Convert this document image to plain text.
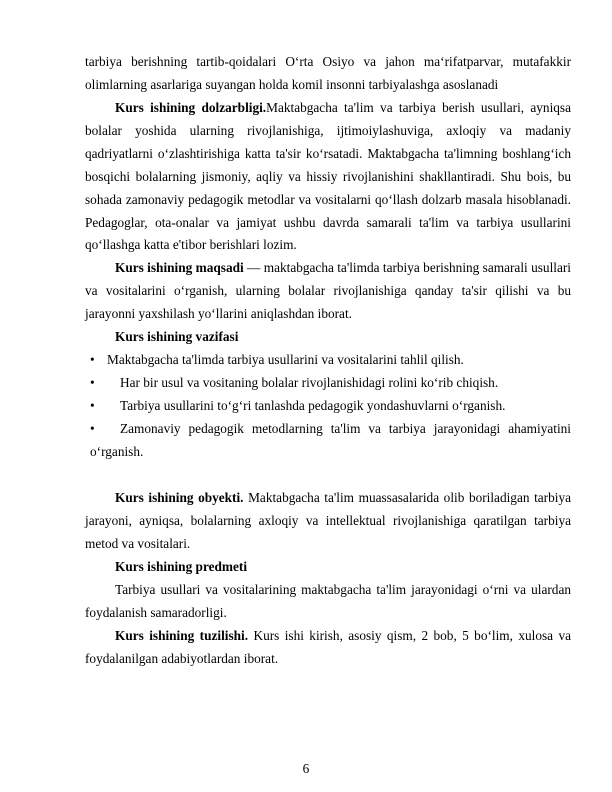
tarbiya berishning tartib-qoidalari O‘rta Osiyo va jahon ma‘rifatparvar, mutafakkir olimlarning asarlariga suyangan holda komil insonni tarbiyalashga asoslanadi
Kurs ishining dolzarbligi.Maktabgacha ta'lim va tarbiya berish usullari, ayniqsa bolalar yoshida ularning rivojlanishiga, ijtimoiylashuviga, axloqiy va madaniy qadriyatlarni o‘zlashtirishiga katta ta'sir ko‘rsatadi. Maktabgacha ta'limning boshlang‘ich bosqichi bolalarning jismoniy, aqliy va hissiy rivojlanishini shakllantiradi. Shu bois, bu sohada zamonaviy pedagogik metodlar va vositalarni qo‘llash dolzarb masala hisoblanadi. Pedagoglar, ota-onalar va jamiyat ushbu davrda samarali ta'lim va tarbiya usullarini qo‘llashga katta e'tibor berishlari lozim.
Kurs ishining maqsadi — maktabgacha ta'limda tarbiya berishning samarali usullari va vositalarini o‘rganish, ularning bolalar rivojlanishiga qanday ta'sir qilishi va bu jarayonni yaxshilash yo‘llarini aniqlashdan iborat.
Kurs ishining vazifasi
• Maktabgacha ta'limda tarbiya usullarini va vositalarini tahlil qilish.
• Har bir usul va vositaning bolalar rivojlanishidagi rolini ko‘rib chiqish.
• Tarbiya usullarini to‘g‘ri tanlashda pedagogik yondashuvlarni o‘rganish.
•	Zamonaviy pedagogik metodlarning ta'lim va tarbiya jarayonidagi ahamiyatini o‘rganish.
Kurs ishining obyekti. Maktabgacha ta'lim muassasalarida olib boriladigan tarbiya jarayoni, ayniqsa, bolalarning axloqiy va intellektual rivojlanishiga qaratilgan tarbiya metod va vositalari.
Kurs ishining predmeti
Tarbiya usullari va vositalarining maktabgacha ta'lim jarayonidagi o‘rni va ulardan foydalanish samaradorligi.
Kurs ishining tuzilishi. Kurs ishi kirish, asosiy qism, 2 bob, 5 bo‘lim, xulosa va foydalanilgan adabiyotlardan iborat.
6
